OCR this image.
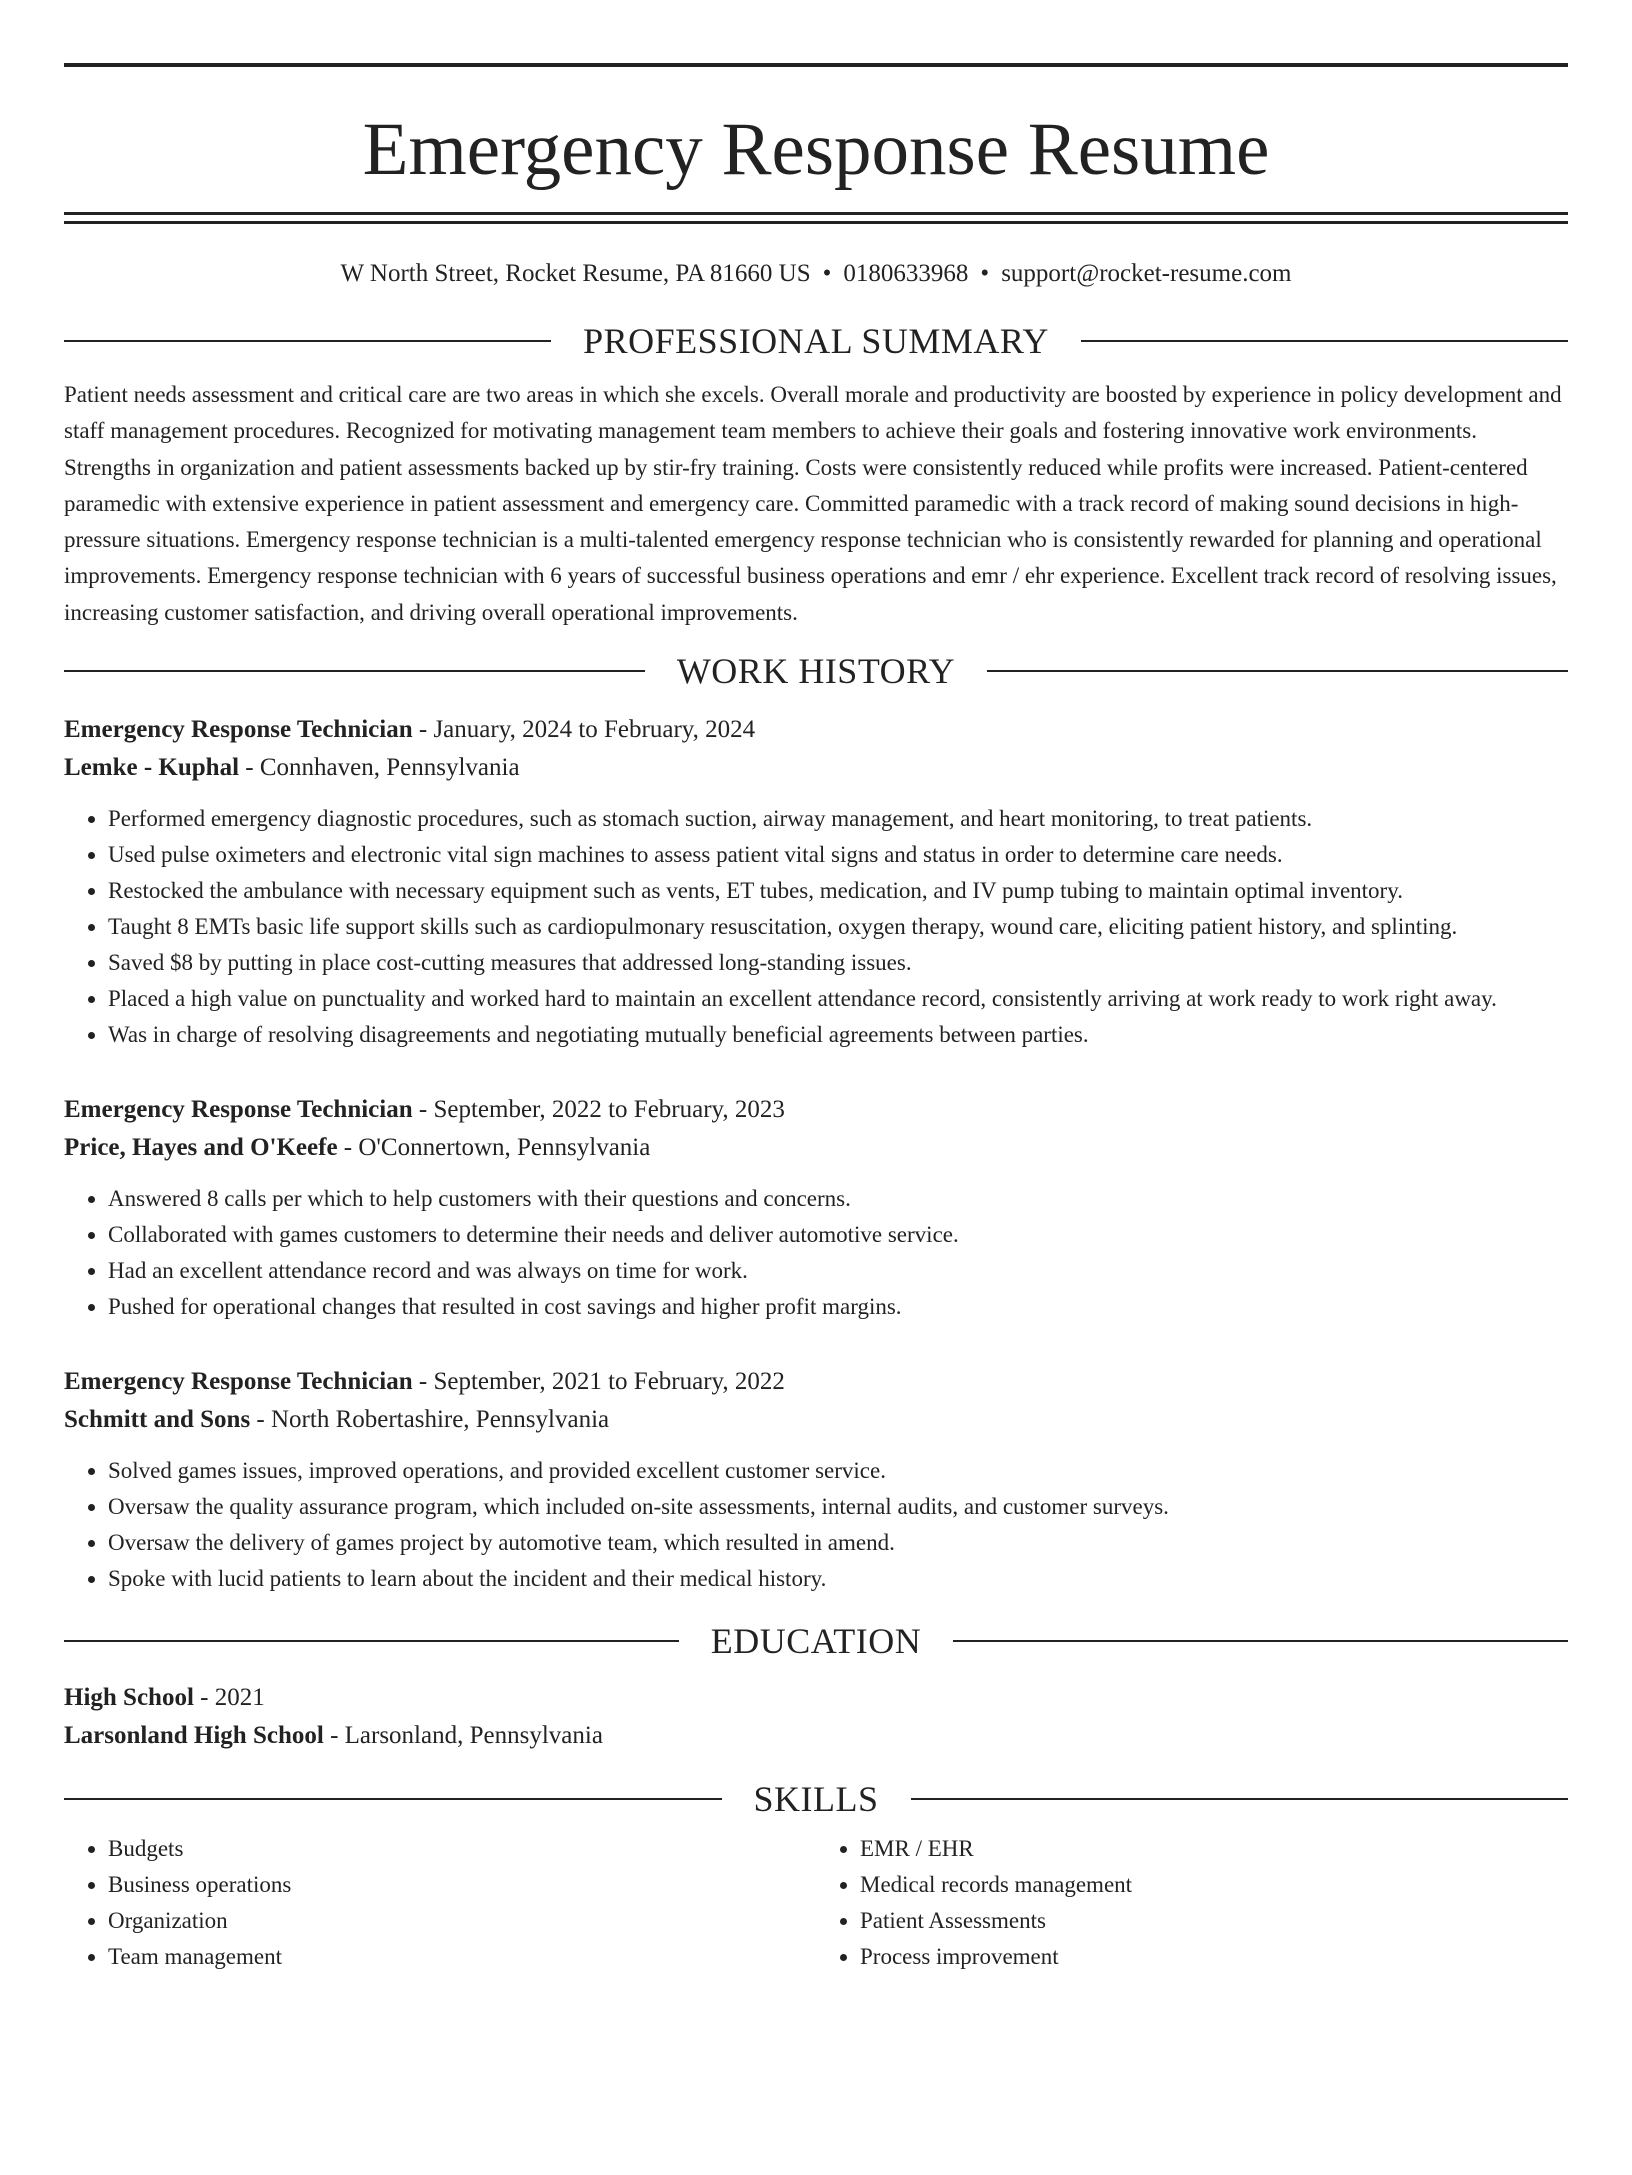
Emergency Response Resume
W North Street, Rocket Resume, PA 81660 US • 0180633968 • support@rocket-resume.com
PROFESSIONAL SUMMARY

Patient needs assessment and critical care are two areas in which she excels. Overall morale and productivity are boosted by experience in policy development and staff management procedures. Recognized for motivating management team members to achieve their goals and fostering innovative work environments. Strengths in organization and patient assessments backed up by stir-fry training. Costs were consistently reduced while profits were increased. Patient-centered paramedic with extensive experience in patient assessment and emergency care. Committed paramedic with a track record of making sound decisions in high-pressure situations. Emergency response technician is a multi-talented emergency response technician who is consistently rewarded for planning and operational improvements. Emergency response technician with 6 years of successful business operations and emr / ehr experience. Excellent track record of resolving issues, increasing customer satisfaction, and driving overall operational improvements.

WORK HISTORY
Emergency Response Technician - January, 2024 to February, 2024
Lemke - Kuphal - Connhaven, Pennsylvania
• Performed emergency diagnostic procedures, such as stomach suction, airway management, and heart monitoring, to treat patients.
• Used pulse oximeters and electronic vital sign machines to assess patient vital signs and status in order to determine care needs.
• Restocked the ambulance with necessary equipment such as vents, ET tubes, medication, and IV pump tubing to maintain optimal inventory.
• Taught 8 EMTs basic life support skills such as cardiopulmonary resuscitation, oxygen therapy, wound care, eliciting patient history, and splinting.
• Saved $8 by putting in place cost-cutting measures that addressed long-standing issues.
• Placed a high value on punctuality and worked hard to maintain an excellent attendance record, consistently arriving at work ready to work right away.
• Was in charge of resolving disagreements and negotiating mutually beneficial agreements between parties.
Emergency Response Technician - September, 2022 to February, 2023
Price, Hayes and O'Keefe - O'Connertown, Pennsylvania
• Answered 8 calls per which to help customers with their questions and concerns.
• Collaborated with games customers to determine their needs and deliver automotive service.
• Had an excellent attendance record and was always on time for work.
• Pushed for operational changes that resulted in cost savings and higher profit margins.
Emergency Response Technician - September, 2021 to February, 2022
Schmitt and Sons - North Robertashire, Pennsylvania
• Solved games issues, improved operations, and provided excellent customer service.
• Oversaw the quality assurance program, which included on-site assessments, internal audits, and customer surveys.
• Oversaw the delivery of games project by automotive team, which resulted in amend.
• Spoke with lucid patients to learn about the incident and their medical history.
EDUCATION
High School - 2021
Larsonland High School - Larsonland, Pennsylvania
SKILLS
• Budgets
• Business operations
• Organization
• Team management
• EMR / EHR
• Medical records management
• Patient Assessments
• Process improvement
